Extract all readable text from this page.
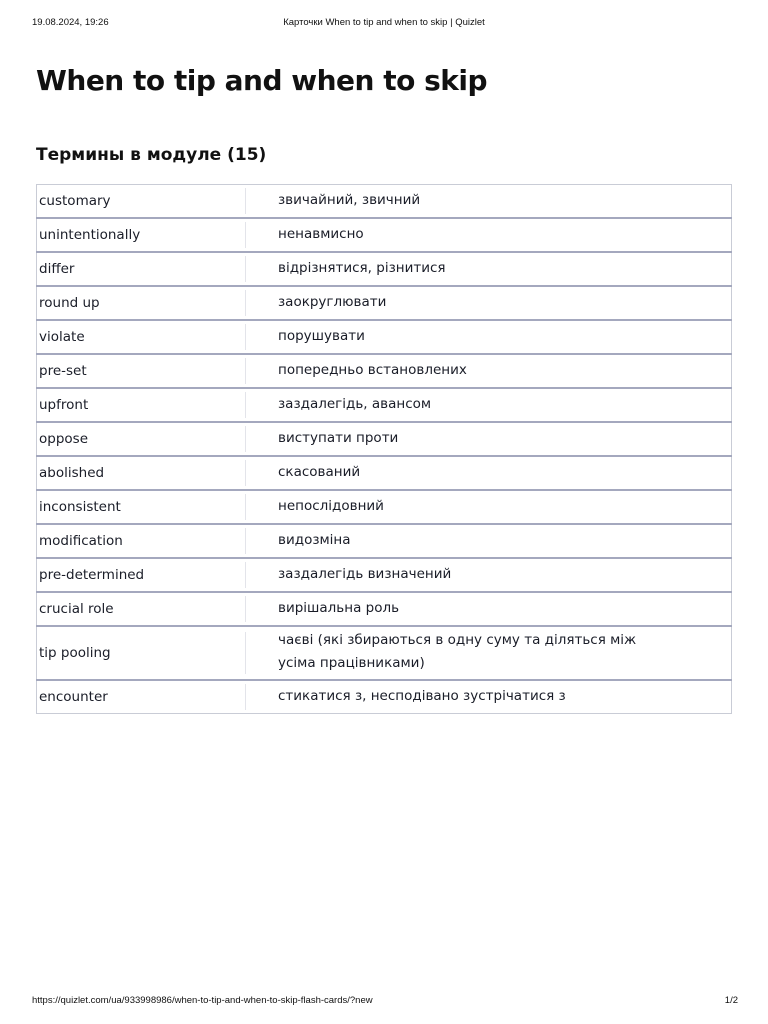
19.08.2024, 19:26	Карточки When to tip and when to skip | Quizlet
When to tip and when to skip
Термины в модуле (15)
customary	звичайний, звичний

unintentionally	ненавмисно

differ	відрізнятися, різнитися

round up	заокруглювати

violate	порушувати

pre-set	попередньо встановлених

upfront	заздалегідь, авансом

oppose	виступати проти

abolished	скасований

inconsistent	непослідовний

modification	видозміна

pre-determined	заздалегідь визначений

crucial role	вирішальна роль

tip pooling	чаєві (які збираються в одну суму та діляться між усіма працівниками)

encounter	стикатися з, несподівано зустрічатися з
https://quizlet.com/ua/933998986/when-to-tip-and-when-to-skip-flash-cards/?new	1/2
